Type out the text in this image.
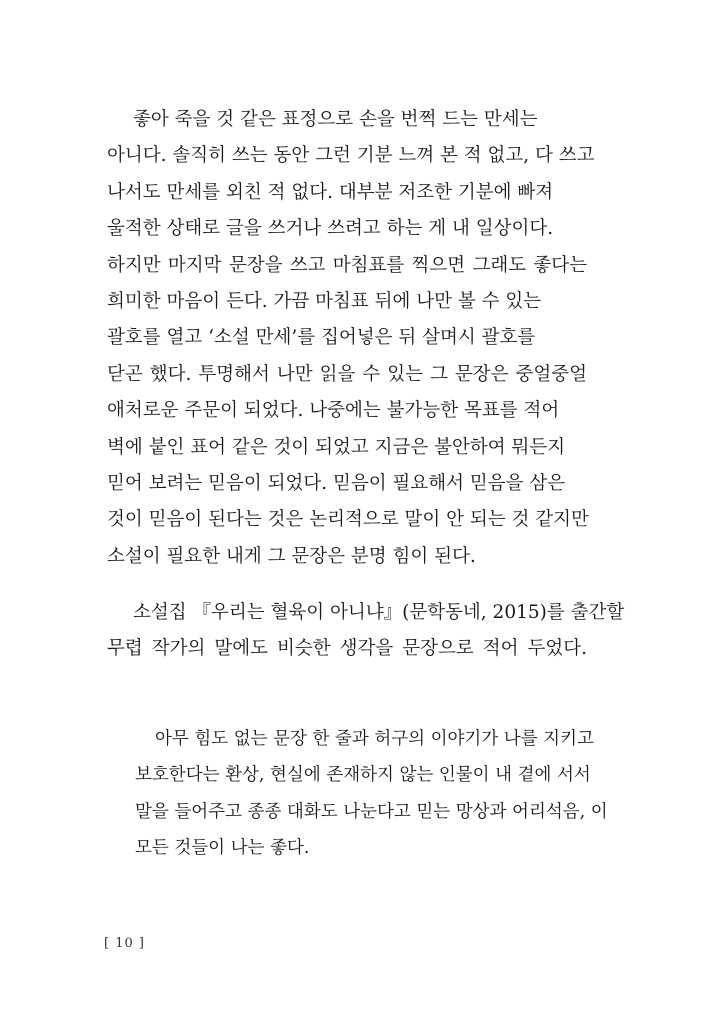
좋아 죽을 것 같은 표정으로 손을 번쩍 드는 만세는
아니다. 솔직히 쓰는 동안 그런 기분 느껴 본 적 없고, 다 쓰고
나서도 만세를 외친 적 없다. 대부분 저조한 기분에 빠져
울적한 상태로 글을 쓰거나 쓰려고 하는 게 내 일상이다.
하지만 마지막 문장을 쓰고 마침표를 찍으면 그래도 좋다는
희미한 마음이 든다. 가끔 마침표 뒤에 나만 볼 수 있는
괄호를 열고 ‘소설 만세’를 집어넣은 뒤 살며시 괄호를
닫곤 했다. 투명해서 나만 읽을 수 있는 그 문장은 중얼중얼
애처로운 주문이 되었다. 나중에는 불가능한 목표를 적어
벽에 붙인 표어 같은 것이 되었고 지금은 불안하여 뭐든지
믿어 보려는 믿음이 되었다. 믿음이 필요해서 믿음을 삼은
것이 믿음이 된다는 것은 논리적으로 말이 안 되는 것 같지만
소설이 필요한 내게 그 문장은 분명 힘이 된다.
소설집 『우리는 혈육이 아니냐』(문학동네, 2015)를 출간할
무렵 작가의 말에도 비슷한 생각을 문장으로 적어 두었다.
아무 힘도 없는 문장 한 줄과 허구의 이야기가 나를 지키고
보호한다는 환상, 현실에 존재하지 않는 인물이 내 곁에 서서
말을 들어주고 종종 대화도 나눈다고 믿는 망상과 어리석음, 이
모든 것들이 나는 좋다.
[ 10 ]
